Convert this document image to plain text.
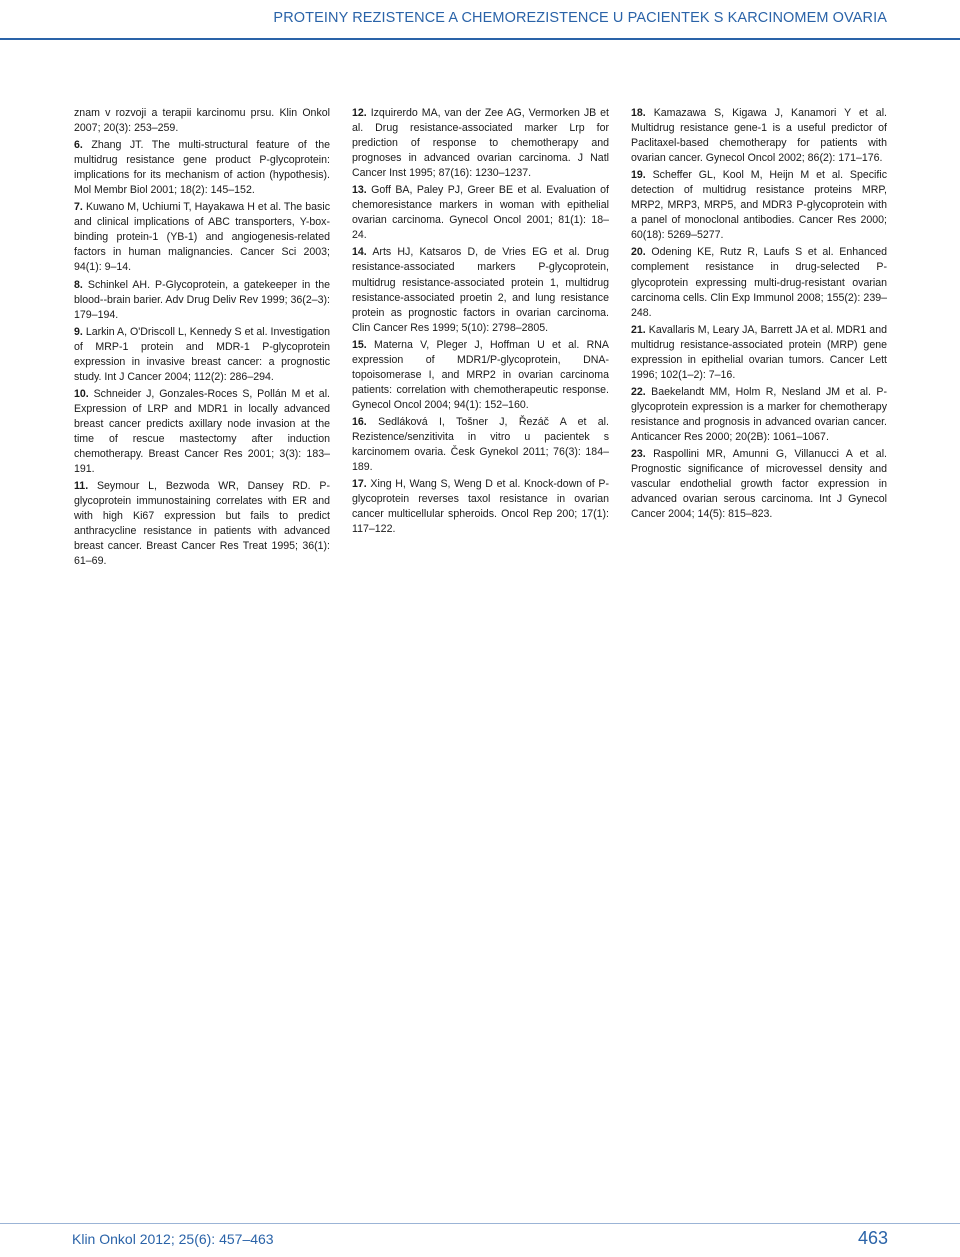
PROTEINY REZISTENCE A CHEMOREZISTENCE U PACIENTEK S KARCINOMEM OVARIA
znam v rozvoji a terapii karcinomu prsu. Klin Onkol 2007; 20(3): 253–259.
6. Zhang JT. The multi-structural feature of the multidrug resistance gene product P-glycoprotein: implications for its mechanism of action (hypothesis). Mol Membr Biol 2001; 18(2): 145–152.
7. Kuwano M, Uchiumi T, Hayakawa H et al. The basic and clinical implications of ABC transporters, Y-box-binding protein-1 (YB-1) and angiogenesis-related factors in human malignancies. Cancer Sci 2003; 94(1): 9–14.
8. Schinkel AH. P-Glycoprotein, a gatekeeper in the blood--brain barier. Adv Drug Deliv Rev 1999; 36(2–3): 179–194.
9. Larkin A, O'Driscoll L, Kennedy S et al. Investigation of MRP-1 protein and MDR-1 P-glycoprotein expression in invasive breast cancer: a prognostic study. Int J Cancer 2004; 112(2): 286–294.
10. Schneider J, Gonzales-Roces S, Pollán M et al. Expression of LRP and MDR1 in locally advanced breast cancer predicts axillary node invasion at the time of rescue mastectomy after induction chemotherapy. Breast Cancer Res 2001; 3(3): 183–191.
11. Seymour L, Bezwoda WR, Dansey RD. P-glycoprotein immunostaining correlates with ER and with high Ki67 expression but fails to predict anthracycline resistance in patients with advanced breast cancer. Breast Cancer Res Treat 1995; 36(1): 61–69.
12. Izquirerdo MA, van der Zee AG, Vermorken JB et al. Drug resistance-associated marker Lrp for prediction of response to chemotherapy and prognoses in advanced ovarian carcinoma. J Natl Cancer Inst 1995; 87(16): 1230–1237.
13. Goff BA, Paley PJ, Greer BE et al. Evaluation of chemoresistance markers in woman with epithelial ovarian carcinoma. Gynecol Oncol 2001; 81(1): 18–24.
14. Arts HJ, Katsaros D, de Vries EG et al. Drug resistance-associated markers P-glycoprotein, multidrug resistance-associated protein 1, multidrug resistance-associated proetin 2, and lung resistance protein as prognostic factors in ovarian carcinoma. Clin Cancer Res 1999; 5(10): 2798–2805.
15. Materna V, Pleger J, Hoffman U et al. RNA expression of MDR1/P-glycoprotein, DNA-topoisomerase I, and MRP2 in ovarian carcinoma patients: correlation with chemotherapeutic response. Gynecol Oncol 2004; 94(1): 152–160.
16. Sedláková I, Tošner J, Řezáč A et al. Rezistence/senzitivita in vitro u pacientek s karcinomem ovaria. Česk Gynekol 2011; 76(3): 184–189.
17. Xing H, Wang S, Weng D et al. Knock-down of P-glycoprotein reverses taxol resistance in ovarian cancer multicellular spheroids. Oncol Rep 200; 17(1): 117–122.
18. Kamazawa S, Kigawa J, Kanamori Y et al. Multidrug resistance gene-1 is a useful predictor of Paclitaxel-based chemotherapy for patients with ovarian cancer. Gynecol Oncol 2002; 86(2): 171–176.
19. Scheffer GL, Kool M, Heijn M et al. Specific detection of multidrug resistance proteins MRP, MRP2, MRP3, MRP5, and MDR3 P-glycoprotein with a panel of monoclonal antibodies. Cancer Res 2000; 60(18): 5269–5277.
20. Odening KE, Rutz R, Laufs S et al. Enhanced complement resistance in drug-selected P-glycoprotein expressing multi-drug-resistant ovarian carcinoma cells. Clin Exp Immunol 2008; 155(2): 239–248.
21. Kavallaris M, Leary JA, Barrett JA et al. MDR1 and multidrug resistance-associated protein (MRP) gene expression in epithelial ovarian tumors. Cancer Lett 1996; 102(1–2): 7–16.
22. Baekelandt MM, Holm R, Nesland JM et al. P-glycoprotein expression is a marker for chemotherapy resistance and prognosis in advanced ovarian cancer. Anticancer Res 2000; 20(2B): 1061–1067.
23. Raspollini MR, Amunni G, Villanucci A et al. Prognostic significance of microvessel density and vascular endothelial growth factor expression in advanced ovarian serous carcinoma. Int J Gynecol Cancer 2004; 14(5): 815–823.
Klin Onkol 2012; 25(6): 457–463	463
